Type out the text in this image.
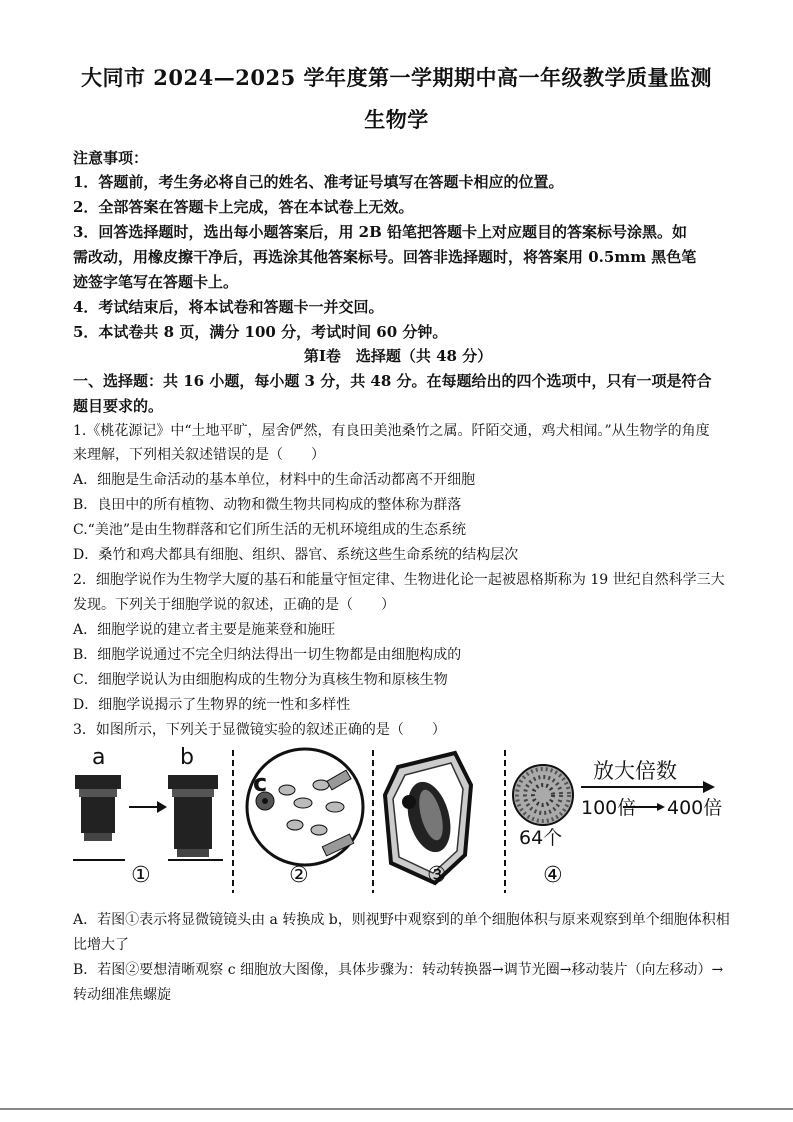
大同市 2024—2025 学年度第一学期期中高一年级教学质量监测
生物学
注意事项：
1．答题前，考生务必将自己的姓名、准考证号填写在答题卡相应的位置。
2．全部答案在答题卡上完成，答在本试卷上无效。
3．回答选择题时，选出每小题答案后，用 2B 铅笔把答题卡上对应题目的答案标号涂黑。如
需改动，用橡皮擦干净后，再选涂其他答案标号。回答非选择题时，将答案用 0.5mm 黑色笔
迹签字笔写在答题卡上。
4．考试结束后，将本试卷和答题卡一并交回。
5．本试卷共 8 页，满分 100 分，考试时间 60 分钟。
第Ⅰ卷　选择题（共 48 分）
一、选择题：共 16 小题，每小题 3 分，共 48 分。在每题给出的四个选项中，只有一项是符合
题目要求的。
1.《桃花源记》中“土地平旷，屋舍俨然，有良田美池桑竹之属。阡陌交通，鸡犬相闻。”从生物学的角度
来理解，下列相关叙述错误的是（　　）
A．细胞是生命活动的基本单位，材料中的生命活动都离不开细胞
B．良田中的所有植物、动物和微生物共同构成的整体称为群落
C.“美池”是由生物群落和它们所生活的无机环境组成的生态系统
D．桑竹和鸡犬都具有细胞、组织、器官、系统这些生命系统的结构层次
2．细胞学说作为生物学大厦的基石和能量守恒定律、生物进化论一起被恩格斯称为 19 世纪自然科学三大
发现。下列关于细胞学说的叙述，正确的是（　　）
A．细胞学说的建立者主要是施莱登和施旺
B．细胞学说通过不完全归纳法得出一切生物都是由细胞构成的
C．细胞学说认为由细胞构成的生物分为真核生物和原核生物
D．细胞学说揭示了生物界的统一性和多样性
3．如图所示，下列关于显微镜实验的叙述正确的是（　　）
a	b
c
①	②	③	④
放大倍数
100倍 400倍
64个
A．若图①表示将显微镜镜头由 a 转换成 b，则视野中观察到的单个细胞体积与原来观察到单个细胞体积相
比增大了
B．若图②要想清晰观察 c 细胞放大图像，具体步骤为：转动转换器→调节光圈→移动装片（向左移动）→
转动细准焦螺旋
